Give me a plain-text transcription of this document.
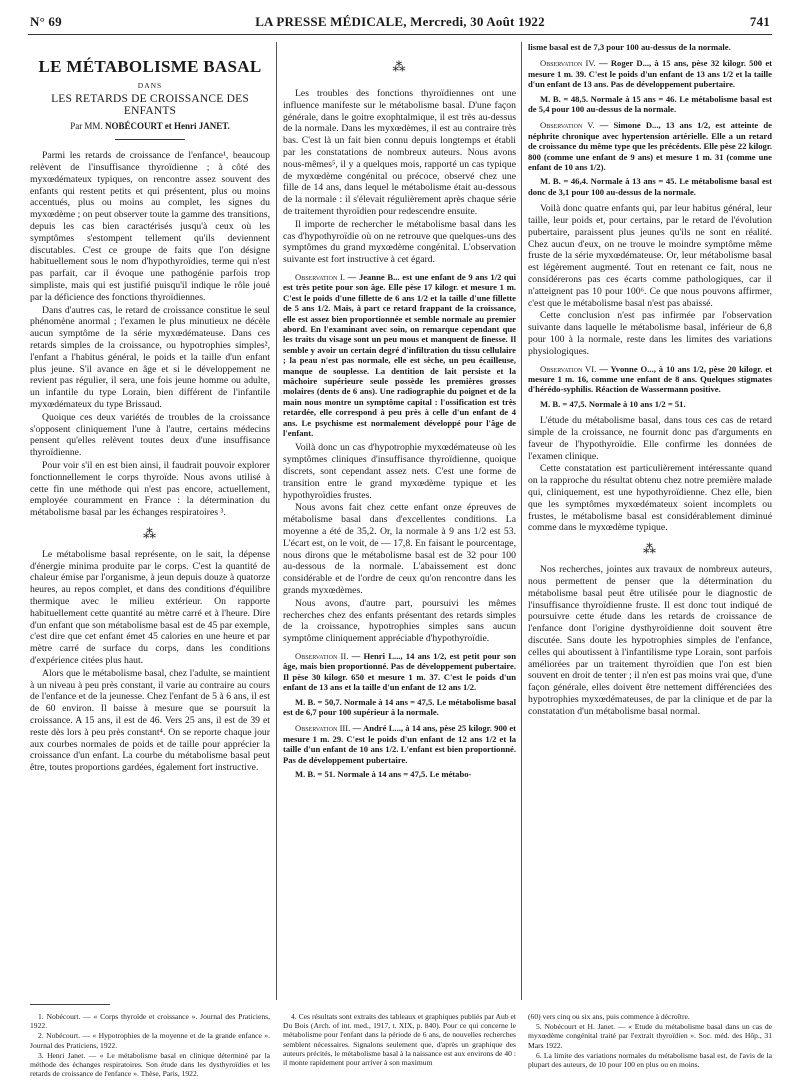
N° 69	LA PRESSE MÉDICALE, Mercredi, 30 Août 1922	741
LE MÉTABOLISME BASAL
DANS
LES RETARDS DE CROISSANCE DES ENFANTS
Par MM. NOBÉCOURT et Henri JANET.

Parmi les retards de croissance de l'enfance¹, beaucoup relèvent de l'insuffisance thyroïdienne ; à côté des myxœdémateux typiques, on rencontre assez souvent des enfants qui restent petits et qui présentent, plus ou moins accentués, plus ou moins au complet, les signes du myxœdème ; on peut observer toute la gamme des transitions, depuis les cas bien caractérisés jusqu'à ceux où les symptômes s'estompent tellement qu'ils deviennent discutables. C'est ce groupe de faits que l'on désigne habituellement sous le nom d'hypothyroïdies, terme qui n'est pas parfait, car il évoque une pathogénie parfois trop simpliste, mais qui est justifié puisqu'il indique le rôle joué par la déficience des fonctions thyroïdiennes.

Dans d'autres cas, le retard de croissance constitue le seul phénomène anormal ; l'examen le plus minutieux ne décèle aucun symptôme de la série myxœdémateuse. Dans ces retards simples de la croissance, ou hypotrophies simples², l'enfant a l'habitus général, le poids et la taille d'un enfant plus jeune. S'il avance en âge et si le développement ne revient pas régulier, il sera, une fois jeune homme ou adulte, un infantile du type Lorain, bien différent de l'infantile myxœdémateux du type Brissaud.

Quoique ces deux variétés de troubles de la croissance s'opposent cliniquement l'une à l'autre, certains médecins pensent qu'elles relèvent toutes deux d'une insuffisance thyroïdienne.

Pour voir s'il en est bien ainsi, il faudrait pouvoir explorer fonctionnellement le corps thyroïde. Nous avons utilisé à cette fin une méthode qui n'est pas encore, actuellement, employée couramment en France : la détermination du métabolisme basal par les échanges respiratoires ³.

⁂

Le métabolisme basal représente, on le sait, la dépense d'énergie minima produite par le corps. C'est la quantité de chaleur émise par l'organisme, à jeun depuis douze à quatorze heures, au repos complet, et dans des conditions d'équilibre thermique avec le milieu extérieur. On rapporte habituellement cette quantité au mètre carré et à l'heure. Dire d'un enfant que son métabolisme basal est de 45 par exemple, c'est dire que cet enfant émet 45 calories en une heure et par mètre carré de surface du corps, dans les conditions d'expérience citées plus haut.

Alors que le métabolisme basal, chez l'adulte, se maintient à un niveau à peu près constant, il varie au contraire au cours de l'enfance et de la jeunesse. Chez l'enfant de 5 à 6 ans, il est de 60 environ. Il baisse à mesure que se poursuit la croissance. A 15 ans, il est de 46. Vers 25 ans, il est de 39 et reste dès lors à peu près constant⁴. On se reporte chaque jour aux courbes normales de poids et de taille pour apprécier la croissance d'un enfant. La courbe du métabolisme basal peut être, toutes proportions gardées, également fort instructive.

⁂

Les troubles des fonctions thyroïdiennes ont une influence manifeste sur le métabolisme basal. D'une façon générale, dans le goitre exophtalmique, il est très au-dessus de la normale. Dans les myxœdèmes, il est au contraire très bas. C'est là un fait bien connu depuis longtemps et établi par les constatations de nombreux auteurs. Nous avons nous-mêmes⁵, il y a quelques mois, rapporté un cas typique de myxœdème congénital ou précoce, observé chez une fille de 14 ans, dans lequel le métabolisme était au-dessous de la normale : il s'élevait régulièrement après chaque série de traitement thyroïdien pour redescendre ensuite.

Il importe de rechercher le métabolisme basal dans les cas d'hypothyroïdie où on ne retrouve que quelques-uns des symptômes du grand myxœdème congénital. L'observation suivante est fort instructive à cet égard.

Observation I. — Jeanne B... est une enfant de 9 ans 1/2 qui est très petite pour son âge. Elle pèse 17 kilogr. et mesure 1 m. C'est le poids d'une fillette de 6 ans 1/2 et la taille d'une fillette de 5 ans 1/2. Mais, à part ce retard frappant de la croissance, elle est assez bien proportionnée et semble normale au premier abord. En l'examinant avec soin, on remarque cependant que les traits du visage sont un peu mous et manquent de finesse. Il semble y avoir un certain degré d'infiltration du tissu cellulaire ; la peau n'est pas normale, elle est sèche, un peu écailleuse, manque de souplesse. La dentition de lait persiste et la mâchoire supérieure seule possède les premières grosses molaires (dents de 6 ans). Une radiographie du poignet et de la main nous montre un symptôme capital : l'ossification est très retardée, elle correspond à peu près à celle d'un enfant de 4 ans. Le psychisme est normalement développé pour l'âge de l'enfant.

Voilà donc un cas d'hypotrophie myxœdémateuse où les symptômes cliniques d'insuffisance thyroïdienne, quoique discrets, sont cependant assez nets. C'est une forme de transition entre le grand myxœdème typique et les hypothyroïdies frustes.

Nous avons fait chez cette enfant onze épreuves de métabolisme basal dans d'excellentes conditions. La moyenne a été de 35,2. Or, la normale à 9 ans 1/2 est 53. L'écart est, on le voit, de — 17,8. En faisant le pourcentage, nous dirons que le métabolisme basal est de 32 pour 100 au-dessous de la normale. L'abaissement est donc considérable et de l'ordre de ceux qu'on rencontre dans les grands myxœdèmes.

Nous avons, d'autre part, poursuivi les mêmes recherches chez des enfants présentant des retards simples de la croissance, hypotrophies simples sans aucun symptôme cliniquement appréciable d'hypothyroïdie.

Observation II. — Henri L..., 14 ans 1/2, est petit pour son âge, mais bien proportionné. Pas de développement pubertaire. Il pèse 30 kilogr. 650 et mesure 1 m. 37. C'est le poids d'un enfant de 13 ans et la taille d'un enfant de 12 ans 1/2.

M. B. = 50,7. Normale à 14 ans = 47,5. Le métabolisme basal est de 6,7 pour 100 supérieur à la normale.

Observation III. — André L..., à 14 ans, pèse 25 kilogr. 900 et mesure 1 m. 29. C'est le poids d'un enfant de 12 ans 1/2 et la taille d'un enfant de 10 ans 1/2. L'enfant est bien proportionné. Pas de développement pubertaire.

M. B. = 51. Normale à 14 ans = 47,5. Le métabo-

lisme basal est de 7,3 pour 100 au-dessus de la normale.

Observation IV. — Roger D..., à 15 ans, pèse 32 kilogr. 500 et mesure 1 m. 39. C'est le poids d'un enfant de 13 ans 1/2 et la taille d'un enfant de 13 ans. Pas de développement pubertaire.

M. B. = 48,5. Normale à 15 ans = 46. Le métabolisme basal est de 5,4 pour 100 au-dessus de la normale.

Observation V. — Simone D..., 13 ans 1/2, est atteinte de néphrite chronique avec hypertension artérielle. Elle a un retard de croissance du même type que les précédents. Elle pèse 22 kilogr. 800 (comme une enfant de 9 ans) et mesure 1 m. 31 (comme une enfant de 10 ans 1/2).

M. B. = 46,4. Normale à 13 ans = 45. Le métabolisme basal est donc de 3,1 pour 100 au-dessus de la normale.

Voilà donc quatre enfants qui, par leur habitus général, leur taille, leur poids et, pour certains, par le retard de l'évolution pubertaire, paraissent plus jeunes qu'ils ne sont en réalité. Chez aucun d'eux, on ne trouve le moindre symptôme même fruste de la série myxœdémateuse. Or, leur métabolisme basal est légèrement augmenté. Tout en retenant ce fait, nous ne considérerons pas ces écarts comme pathologiques, car il n'atteignent pas 10 pour 100⁶. Ce que nous pouvons affirmer, c'est que le métabolisme basal n'est pas abaissé.

Cette conclusion n'est pas infirmée par l'observation suivante dans laquelle le métabolisme basal, inférieur de 6,8 pour 100 à la normale, reste dans les limites des variations physiologiques.

Observation VI. — Yvonne O..., à 10 ans 1/2, pèse 20 kilogr. et mesure 1 m. 16, comme une enfant de 8 ans. Quelques stigmates d'hérédo-syphilis. Réaction de Wassermann positive.

M. B. = 47,5. Normale à 10 ans 1/2 = 51.

L'étude du métabolisme basal, dans tous ces cas de retard simple de la croissance, ne fournit donc pas d'arguments en faveur de l'hypothyroïdie. Elle confirme les données de l'examen clinique.

Cette constatation est particulièrement intéressante quand on la rapproche du résultat obtenu chez notre première malade qui, cliniquement, est une hypothyroïdienne. Chez elle, bien que les symptômes myxœdémateux soient incomplets ou frustes, le métabolisme basal est considérablement diminué comme dans le myxœdème typique.

⁂

Nos recherches, jointes aux travaux de nombreux auteurs, nous permettent de penser que la détermination du métabolisme basal peut être utilisée pour le diagnostic de l'insuffisance thyroïdienne fruste. Il est donc tout indiqué de poursuivre cette étude dans les retards de croissance de l'enfance dont l'origine dysthyroïdienne doit souvent être discutée. Sans doute les hypotrophies simples de l'enfance, celles qui aboutissent à l'infantilisme type Lorain, sont parfois améliorées par un traitement thyroïdien que l'on est bien souvent en droit de tenter ; il n'en est pas moins vrai que, d'une façon générale, elles doivent être nettement différenciées des hypotrophies myxœdémateuses, de par la clinique et de par la constatation d'un métabolisme basal normal.

1. Nobécourt. — « Corps thyroïde et croissance ». Journal des Praticiens, 1922.

2. Nobécourt. — « Hypotrophies de la moyenne et de la grande enfance ». Journal des Praticiens, 1922.

3. Henri Janet. — « Le métabolisme basal en clinique déterminé par la méthode des échanges respiratoires. Son étude dans les dysthyroïdies et les retards de croissance de l'enfance ». Thèse, Paris, 1922.

4. Ces résultats sont extraits des tableaux et graphiques publiés par Aub et Du Bois (Arch. of int. med., 1917, t. XIX, p. 840). Pour ce qui concerne le métabolisme pour l'enfant dans la période de 6 ans, de nouvelles recherches semblent nécessaires. Signalons seulement que, d'après un graphique des auteurs précités, le métabolisme basal à la naissance est aux environs de 40 : il monte rapidement pour arriver à son maximum

(60) vers cinq ou six ans, puis commence à décroître.

5. Nobécourt et H. Janet. — « Etude du métabolisme basal dans un cas de myxœdème congénital traité par l'extrait thyroïdien ». Soc. méd. des Hôp., 31 Mars 1922.

6. La limite des variations normales du métabolisme basal est, de l'avis de la plupart des auteurs, de 10 pour 100 en plus ou en moins.
